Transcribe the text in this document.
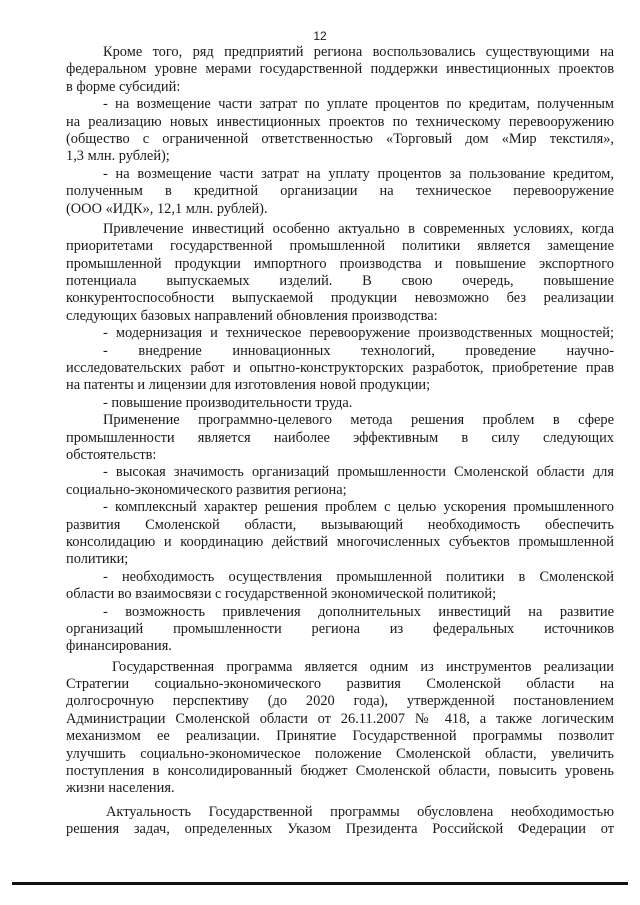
12
Кроме того, ряд предприятий региона воспользовались существующими на
федеральном уровне мерами государственной поддержки инвестиционных проектов
в форме субсидий:
- на возмещение части затрат по уплате процентов по кредитам, полученным
на реализацию новых инвестиционных проектов по техническому перевооружению
(общество с ограниченной ответственностью «Торговый дом «Мир текстиля»,
1,3 млн. рублей);
- на возмещение части затрат на уплату процентов за пользование кредитом,
полученным в кредитной организации на техническое перевооружение
(ООО «ИДК», 12,1 млн. рублей).
Привлечение инвестиций особенно актуально в современных условиях, когда
приоритетами государственной промышленной политики является замещение
промышленной продукции импортного производства и повышение экспортного
потенциала выпускаемых изделий. В свою очередь, повышение
конкурентоспособности выпускаемой продукции невозможно без реализации
следующих базовых направлений обновления производства:
- модернизация и техническое перевооружение производственных мощностей;
- внедрение инновационных технологий, проведение научно-
исследовательских работ и опытно-конструкторских разработок, приобретение прав
на патенты и лицензии для изготовления новой продукции;
- повышение производительности труда.
Применение программно-целевого метода решения проблем в сфере
промышленности является наиболее эффективным в силу следующих
обстоятельств:
- высокая значимость организаций промышленности Смоленской области для
социально-экономического развития региона;
- комплексный характер решения проблем с целью ускорения промышленного
развития Смоленской области, вызывающий необходимость обеспечить
консолидацию и координацию действий многочисленных субъектов промышленной
политики;
- необходимость осуществления промышленной политики в Смоленской
области во взаимосвязи с государственной экономической политикой;
- возможность привлечения дополнительных инвестиций на развитие
организаций промышленности региона из федеральных источников
финансирования.
Государственная программа является одним из инструментов реализации
Стратегии социально-экономического развития Смоленской области на
долгосрочную перспективу (до 2020 года), утвержденной постановлением
Администрации Смоленской области от 26.11.2007 № 418, а также логическим
механизмом ее реализации. Принятие Государственной программы позволит
улучшить социально-экономическое положение Смоленской области, увеличить
поступления в консолидированный бюджет Смоленской области, повысить уровень
жизни населения.
Актуальность Государственной программы обусловлена необходимостью
решения задач, определенных Указом Президента Российской Федерации от
